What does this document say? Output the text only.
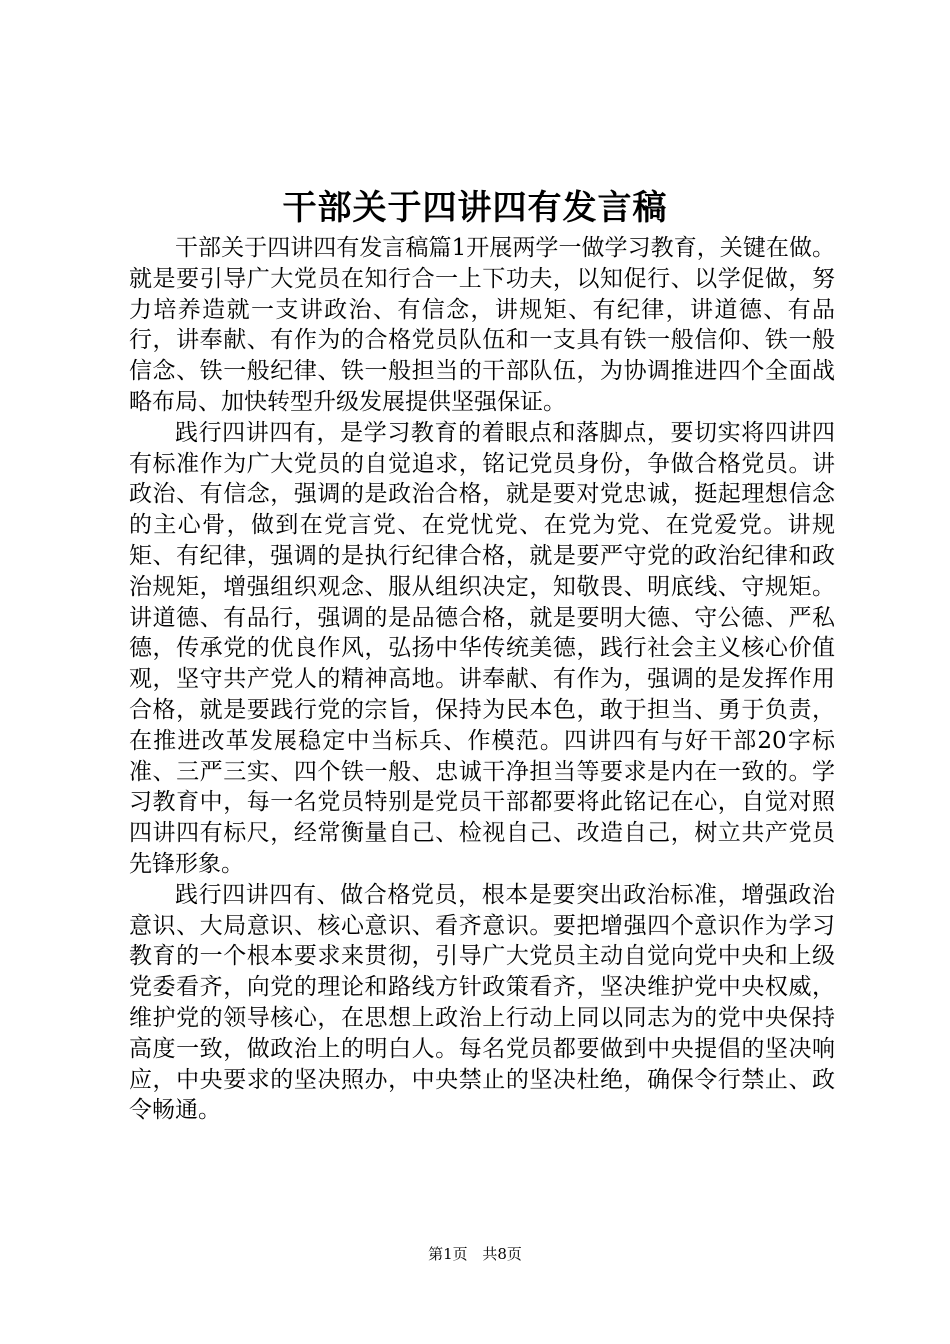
干部关于四讲四有发言稿

干部关于四讲四有发言稿篇1开展两学一做学习教育，关键在做。就是要引导广大党员在知行合一上下功夫，以知促行、以学促做，努力培养造就一支讲政治、有信念，讲规矩、有纪律，讲道德、有品行，讲奉献、有作为的合格党员队伍和一支具有铁一般信仰、铁一般信念、铁一般纪律、铁一般担当的干部队伍，为协调推进四个全面战略布局、加快转型升级发展提供坚强保证。

践行四讲四有，是学习教育的着眼点和落脚点，要切实将四讲四有标准作为广大党员的自觉追求，铭记党员身份，争做合格党员。讲政治、有信念，强调的是政治合格，就是要对党忠诚，挺起理想信念的主心骨，做到在党言党、在党忧党、在党为党、在党爱党。讲规矩、有纪律，强调的是执行纪律合格，就是要严守党的政治纪律和政治规矩，增强组织观念、服从组织决定，知敬畏、明底线、守规矩。讲道德、有品行，强调的是品德合格，就是要明大德、守公德、严私德，传承党的优良作风，弘扬中华传统美德，践行社会主义核心价值观，坚守共产党人的精神高地。讲奉献、有作为，强调的是发挥作用合格，就是要践行党的宗旨，保持为民本色，敢于担当、勇于负责，在推进改革发展稳定中当标兵、作模范。四讲四有与好干部20字标准、三严三实、四个铁一般、忠诚干净担当等要求是内在一致的。学习教育中，每一名党员特别是党员干部都要将此铭记在心，自觉对照四讲四有标尺，经常衡量自己、检视自己、改造自己，树立共产党员先锋形象。

践行四讲四有、做合格党员，根本是要突出政治标准，增强政治意识、大局意识、核心意识、看齐意识。要把增强四个意识作为学习教育的一个根本要求来贯彻，引导广大党员主动自觉向党中央和上级党委看齐，向党的理论和路线方针政策看齐，坚决维护党中央权威，维护党的领导核心，在思想上政治上行动上同以同志为的党中央保持高度一致，做政治上的明白人。每名党员都要做到中央提倡的坚决响应，中央要求的坚决照办，中央禁止的坚决杜绝，确保令行禁止、政令畅通。

第1页 共8页
